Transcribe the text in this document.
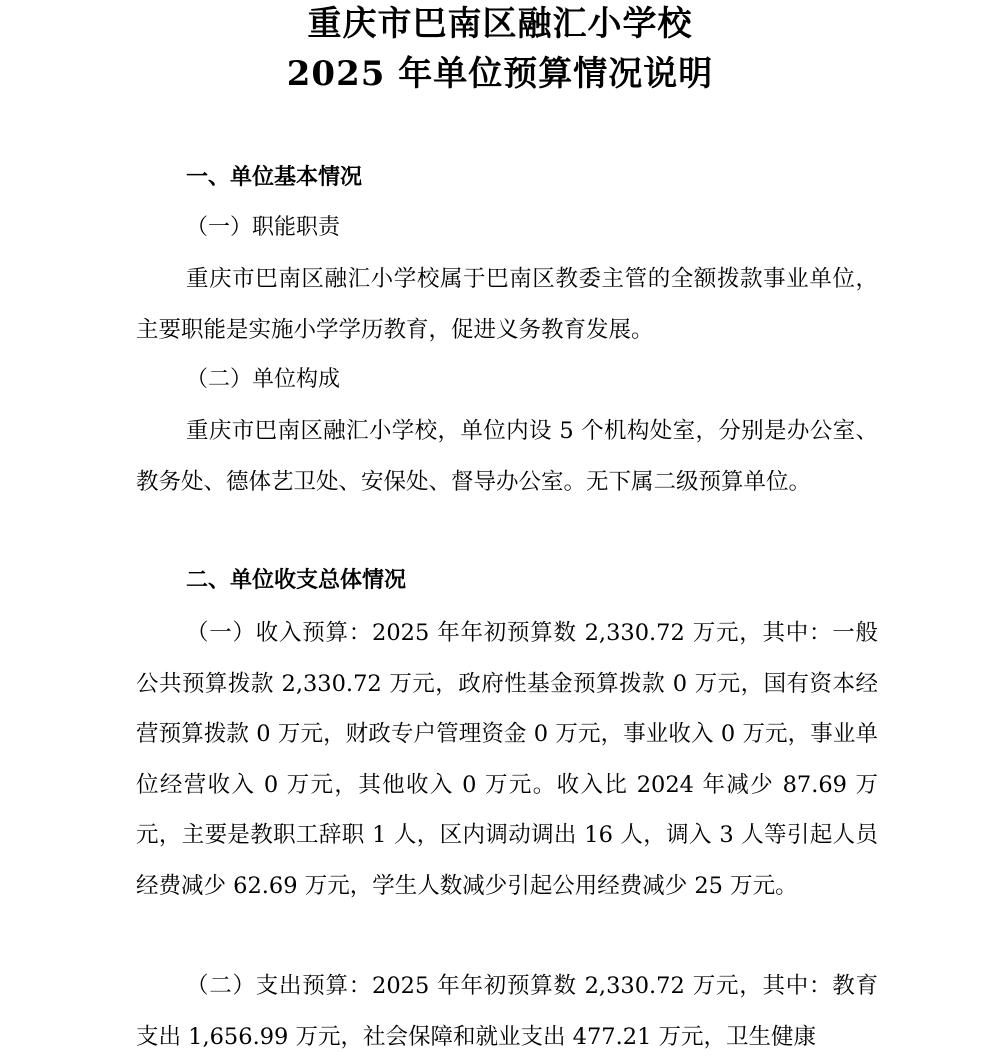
重庆市巴南区融汇小学校
2025 年单位预算情况说明
一、单位基本情况
（一）职能职责
重庆市巴南区融汇小学校属于巴南区教委主管的全额拨款事业单位，主要职能是实施小学学历教育，促进义务教育发展。
（二）单位构成
重庆市巴南区融汇小学校，单位内设 5 个机构处室，分别是办公室、教务处、德体艺卫处、安保处、督导办公室。无下属二级预算单位。
二、单位收支总体情况
（一）收入预算：2025 年年初预算数 2,330.72 万元，其中：一般公共预算拨款 2,330.72 万元，政府性基金预算拨款 0 万元，国有资本经营预算拨款 0 万元，财政专户管理资金 0 万元，事业收入 0 万元，事业单位经营收入 0 万元，其他收入 0 万元。收入比 2024 年减少 87.69 万元，主要是教职工辞职 1 人，区内调动调出 16 人，调入 3 人等引起人员经费减少 62.69 万元，学生人数减少引起公用经费减少 25 万元。
（二）支出预算：2025 年年初预算数 2,330.72 万元，其中：教育支出 1,656.99 万元，社会保障和就业支出 477.21 万元，卫生健康
